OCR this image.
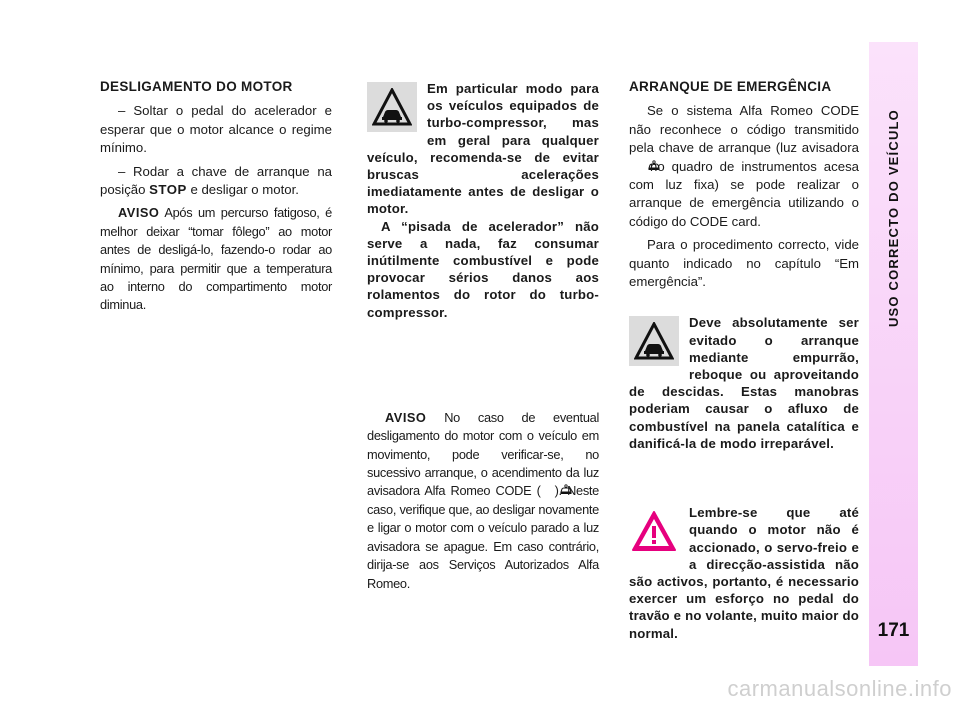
DESLIGAMENTO DO MOTOR

– Soltar o pedal do acelerador e esperar que o motor alcance o regime mínimo.

– Rodar a chave de arranque na posição STOP e desligar o motor.

AVISO Após um percurso fatigoso, é melhor deixar “tomar fôlego” ao motor antes de desligá-lo, fazendo-o rodar ao mínimo, para permitir que a temperatura ao interno do compartimento motor diminua.

Em particular modo para os veículos equipados de turbo-compressor, mas em geral para qualquer veículo, recomenda-se de evitar bruscas acelerações imediatamente antes de desligar o motor.
A “pisada de acelerador” não serve a nada, faz consumar inútilmente combustível e pode provocar sérios danos aos rolamentos do rotor do turbo-compressor.

AVISO No caso de eventual desligamento do motor com o veículo em movimento, pode verificar-se, no sucessivo arranque, o acendimento da luz avisadora Alfa Romeo CODE ( ). Neste caso, verifique que, ao desligar novamente e ligar o motor com o veículo parado a luz avisadora se apague. Em caso contrário, dirija-se aos Serviços Autorizados Alfa Romeo.

ARRANQUE DE EMERGÊNCIA

Se o sistema Alfa Romeo CODE não reconhece o código transmitido pela chave de arranque (luz avisadora  no quadro de instrumentos acesa com luz fixa) se pode realizar o arranque de emergência utilizando o código do CODE card.

Para o procedimento correcto, vide quanto indicado no capítulo “Em emergência”.

Deve absolutamente ser evitado o arranque mediante empurrão, reboque ou aproveitando de descidas. Estas manobras poderiam causar o afluxo de combustível na panela catalítica e danificá-la de modo irreparável.
Lembre-se que até quando o motor não é accionado, o servo-freio e a direcção-assistida não são activos, portanto, é necessario exercer um esforço no pedal do travão e no volante, muito maior do normal.
USO CORRECTO DO VEÍCULO
171
carmanualsonline.info
